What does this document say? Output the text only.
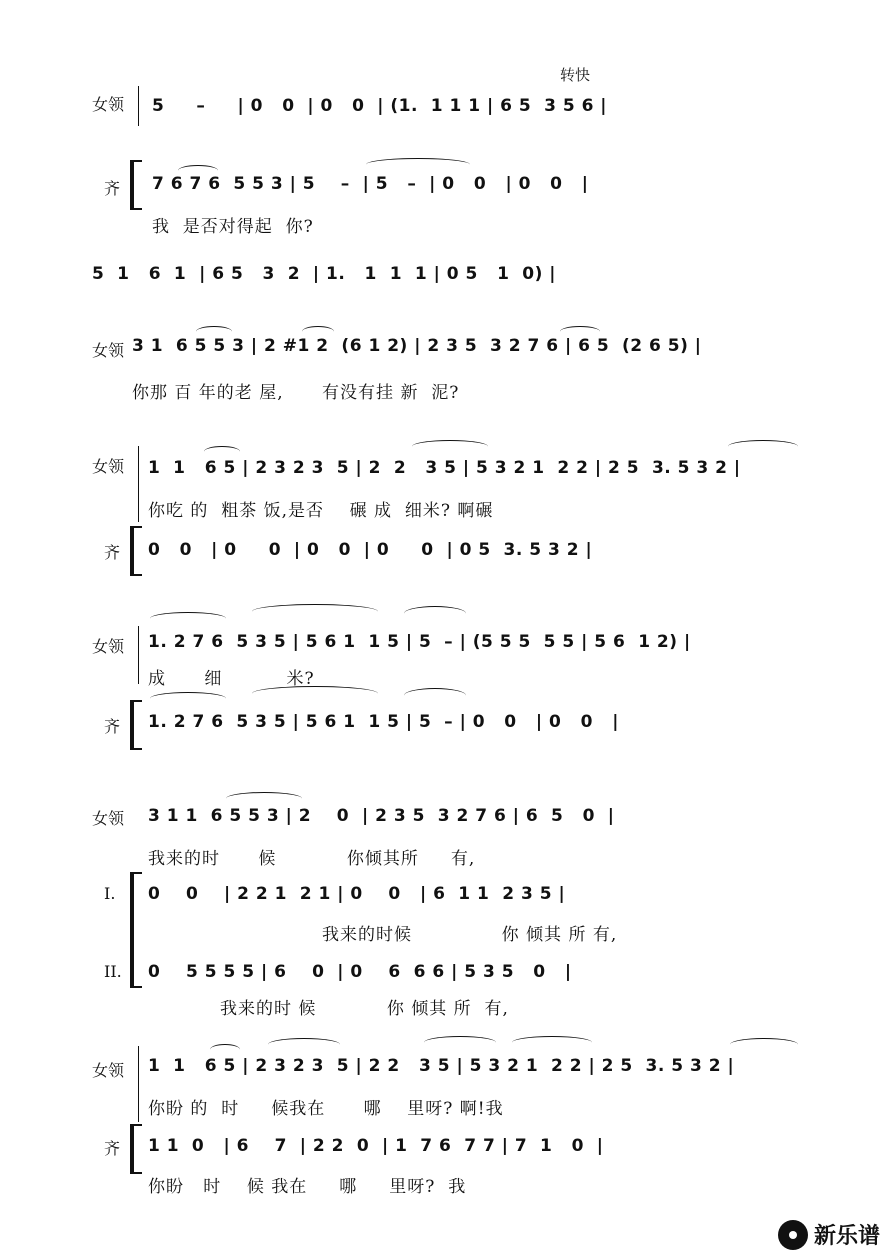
转快
女领 5     –     | 0   0  | 0   0  | (1.  1 1 1 | 6 5  3 5 6 |
齐 7 6 7 6  5 5 3 | 5    –  | 5   –  | 0   0   | 0   0   |
我  是否对得起  你?
5  1   6  1  | 6 5   3  2  | 1.   1  1  1 | 0 5   1  0) |
女领 3 1  6 5 5 3 | 2 #1 2  (6 1 2) | 2 3 5  3 2 7 6 | 6 5  (2 6 5) |
你那 百 年的老 屋,      有没有挂 新  泥?
女领 1  1   6 5 | 2 3 2 3  5 | 2  2   3 5 | 5 3 2 1  2 2 | 2 5  3. 5 3 2 |
你吃 的  粗茶 饭,是否    碾 成  细米? 啊碾
齐 0   0   | 0     0  | 0   0  | 0     0  | 0 5  3. 5 3 2 |
女领 1. 2 7 6  5 3 5 | 5 6 1  1 5 | 5  – | (5 5 5  5 5 | 5 6  1 2) |
成      细          米?
齐 1. 2 7 6  5 3 5 | 5 6 1  1 5 | 5  – | 0   0   | 0   0   |
女领 3 1 1  6 5 5 3 | 2    0  | 2 3 5  3 2 7 6 | 6  5   0  |
我来的时      候           你倾其所     有,
I. 0    0    | 2 2 1  2 1 | 0    0   | 6  1 1  2 3 5 |
我来的时候              你 倾其 所 有,
II. 0    5 5 5 5 | 6    0  | 0    6  6 6 | 5 3 5   0   |
我来的时 候           你 倾其 所  有,
女领 1  1   6 5 | 2 3 2 3  5 | 2 2   3 5 | 5 3 2 1  2 2 | 2 5  3. 5 3 2 |
你盼 的  时     候我在      哪    里呀? 啊!我
齐 1 1  0   | 6    7  | 2 2  0  | 1  7 6  7 7 | 7  1   0  |
你盼   时    候 我在     哪     里呀?  我
新乐谱
